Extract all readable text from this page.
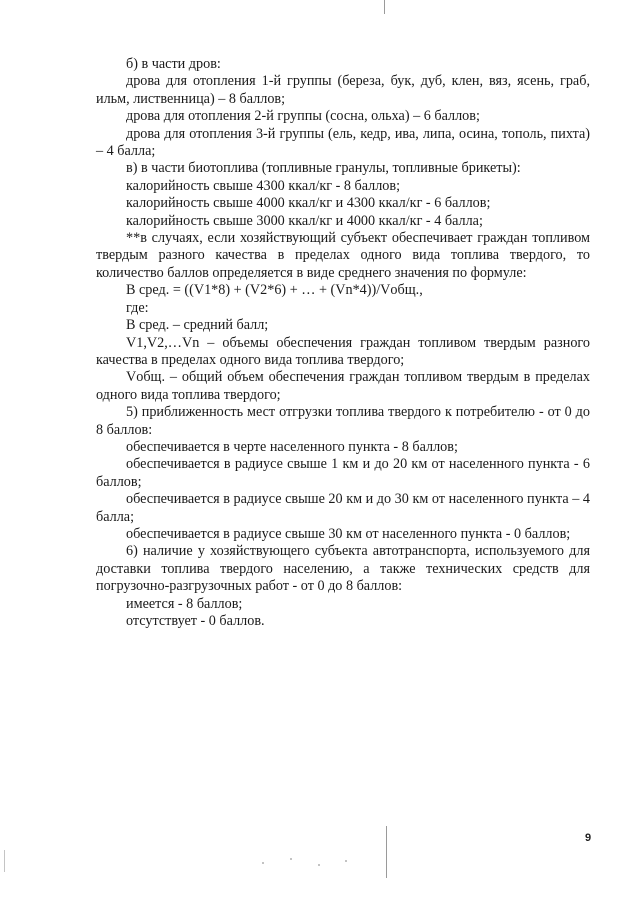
б) в части дров:

дрова для отопления 1-й группы (береза, бук, дуб, клен, вяз, ясень, граб, ильм, лиственница) – 8 баллов;

дрова для отопления 2-й группы (сосна, ольха) – 6 баллов;

дрова для отопления 3-й группы (ель, кедр, ива, липа, осина, тополь, пихта) – 4 балла;

в) в части биотоплива (топливные гранулы, топливные брикеты):

калорийность свыше 4300 ккал/кг - 8 баллов;

калорийность свыше 4000 ккал/кг и 4300 ккал/кг - 6 баллов;

калорийность свыше 3000 ккал/кг и 4000 ккал/кг - 4 балла;

**в случаях, если хозяйствующий субъект обеспечивает граждан топливом твердым разного качества в пределах одного вида топлива твердого, то количество баллов определяется в виде среднего значения по формуле:

В сред. = ((V1*8) + (V2*6) + … + (Vn*4))/Vобщ.,

где:

В сред. – средний балл;

V1,V2,…Vn – объемы обеспечения граждан топливом твердым разного качества в пределах одного вида топлива твердого;

Vобщ. – общий объем обеспечения граждан топливом твердым в пределах одного вида топлива твердого;

5) приближенность мест отгрузки топлива твердого к потребителю - от 0 до 8 баллов:

обеспечивается в черте населенного пункта - 8 баллов;

обеспечивается в радиусе свыше 1 км и до 20 км от населенного пункта - 6 баллов;

обеспечивается в радиусе свыше 20 км и до 30 км от населенного пункта – 4 балла;

обеспечивается в радиусе свыше 30 км от населенного пункта - 0 баллов;

6) наличие у хозяйствующего субъекта автотранспорта, используемого для доставки топлива твердого населению, а также технических средств для погрузочно-разгрузочных работ - от 0 до 8 баллов:

имеется - 8 баллов;

отсутствует - 0 баллов.

9
